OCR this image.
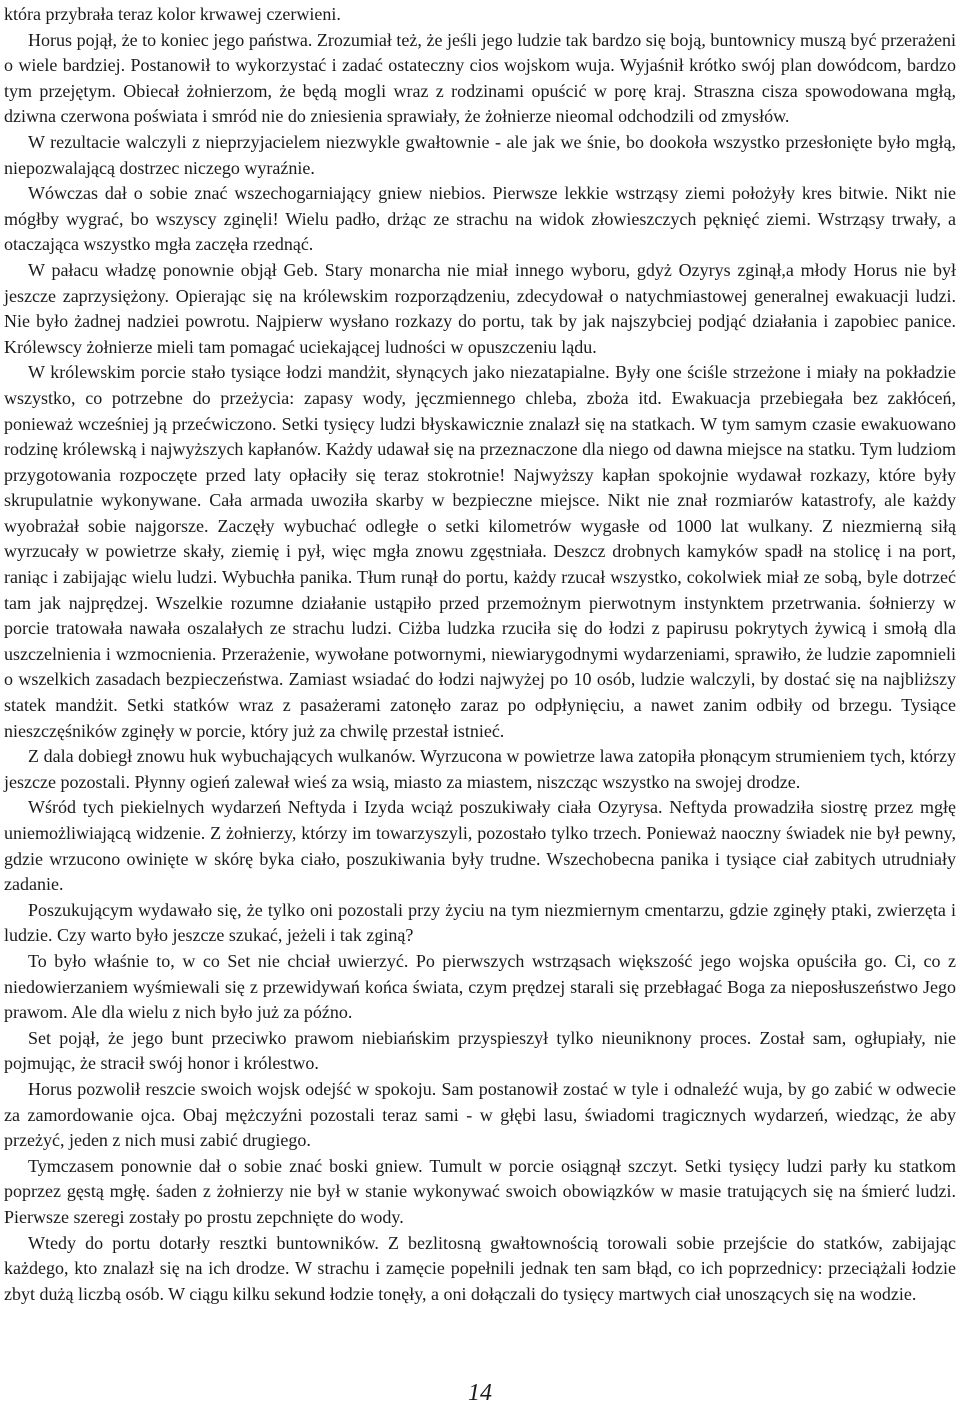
która przybrała teraz kolor krwawej czerwieni.

Horus pojął, że to koniec jego państwa. Zrozumiał też, że jeśli jego ludzie tak bardzo się boją, buntownicy muszą być przerażeni o wiele bardziej. Postanowił to wykorzystać i zadać ostateczny cios wojskom wuja. Wyjaśnił krótko swój plan dowódcom, bardzo tym przejętym. Obiecał żołnierzom, że będą mogli wraz z rodzinami opuścić w porę kraj. Straszna cisza spowodowana mgłą, dziwna czerwona poświata i smród nie do zniesienia sprawiały, że żołnierze nieomal odchodzili od zmysłów.

W rezultacie walczyli z nieprzyjacielem niezwykle gwałtownie - ale jak we śnie, bo dookoła wszystko przesłonięte było mgłą, niepozwalającą dostrzec niczego wyraźnie.

Wówczas dał o sobie znać wszechogarniający gniew niebios. Pierwsze lekkie wstrząsy ziemi położyły kres bitwie. Nikt nie mógłby wygrać, bo wszyscy zginęli! Wielu padło, drżąc ze strachu na widok złowieszczych pęknięć ziemi. Wstrząsy trwały, a otaczająca wszystko mgła zaczęła rzednąć.

W pałacu władzę ponownie objął Geb. Stary monarcha nie miał innego wyboru, gdyż Ozyrys zginął,a młody Horus nie był jeszcze zaprzysiężony. Opierając się na królewskim rozporządzeniu, zdecydował o natychmiastowej generalnej ewakuacji ludzi. Nie było żadnej nadziei powrotu. Najpierw wysłano rozkazy do portu, tak by jak najszybciej podjąć działania i zapobiec panice. Królewscy żołnierze mieli tam pomagać uciekającej ludności w opuszczeniu lądu.

W królewskim porcie stało tysiące łodzi mandżit, słynących jako niezatapialne. Były one ściśle strzeżone i miały na pokładzie wszystko, co potrzebne do przeżycia: zapasy wody, jęczmiennego chleba, zboża itd. Ewakuacja przebiegała bez zakłóceń, ponieważ wcześniej ją przećwiczono. Setki tysięcy ludzi błyskawicznie znalazł się na statkach. W tym samym czasie ewakuowano rodzinę królewską i najwyższych kapłanów. Każdy udawał się na przeznaczone dla niego od dawna miejsce na statku. Tym ludziom przygotowania rozpoczęte przed laty opłaciły się teraz stokrotnie! Najwyższy kapłan spokojnie wydawał rozkazy, które były skrupulatnie wykonywane. Cała armada uwoziła skarby w bezpieczne miejsce. Nikt nie znał rozmiarów katastrofy, ale każdy wyobrażał sobie najgorsze. Zaczęły wybuchać odległe o setki kilometrów wygasłe od 1000 lat wulkany. Z niezmierną siłą wyrzucały w powietrze skały, ziemię i pył, więc mgła znowu zgęstniała. Deszcz drobnych kamyków spadł na stolicę i na port, raniąc i zabijając wielu ludzi. Wybuchła panika. Tłum runął do portu, każdy rzucał wszystko, cokolwiek miał ze sobą, byle dotrzeć tam jak najprędzej. Wszelkie rozumne działanie ustąpiło przed przemożnym pierwotnym instynktem przetrwania. śołnierzy w porcie tratowała nawała oszalałych ze strachu ludzi. Ciżba ludzka rzuciła się do łodzi z papirusu pokrytych żywicą i smołą dla uszczelnienia i wzmocnienia. Przerażenie, wywołane potwornymi, niewiarygodnymi wydarzeniami, sprawiło, że ludzie zapomnieli o wszelkich zasadach bezpieczeństwa. Zamiast wsiadać do łodzi najwyżej po 10 osób, ludzie walczyli, by dostać się na najbliższy statek mandżit. Setki statków wraz z pasażerami zatonęło zaraz po odpłynięciu, a nawet zanim odbiły od brzegu. Tysiące nieszczęśników zginęły w porcie, który już za chwilę przestał istnieć.

Z dala dobiegł znowu huk wybuchających wulkanów. Wyrzucona w powietrze lawa zatopiła płonącym strumieniem tych, którzy jeszcze pozostali. Płynny ogień zalewał wieś za wsią, miasto za miastem, niszcząc wszystko na swojej drodze.

Wśród tych piekielnych wydarzeń Neftyda i Izyda wciąż poszukiwały ciała Ozyrysa. Neftyda prowadziła siostrę przez mgłę uniemożliwiającą widzenie. Z żołnierzy, którzy im towarzyszyli, pozostało tylko trzech. Ponieważ naoczny świadek nie był pewny, gdzie wrzucono owinięte w skórę byka ciało, poszukiwania były trudne. Wszechobecna panika i tysiące ciał zabitych utrudniały zadanie.

Poszukującym wydawało się, że tylko oni pozostali przy życiu na tym niezmiernym cmentarzu, gdzie zginęły ptaki, zwierzęta i ludzie. Czy warto było jeszcze szukać, jeżeli i tak zginą?

To było właśnie to, w co Set nie chciał uwierzyć. Po pierwszych wstrząsach większość jego wojska opuściła go. Ci, co z niedowierzaniem wyśmiewali się z przewidywań końca świata, czym prędzej starali się przebłagać Boga za nieposłuszeństwo Jego prawom. Ale dla wielu z nich było już za późno.

Set pojął, że jego bunt przeciwko prawom niebiańskim przyspieszył tylko nieuniknony proces. Został sam, ogłupiały, nie pojmując, że stracił swój honor i królestwo.

Horus pozwolił reszcie swoich wojsk odejść w spokoju. Sam postanowił zostać w tyle i odnaleźć wuja, by go zabić w odwecie za zamordowanie ojca. Obaj mężczyźni pozostali teraz sami - w głębi lasu, świadomi tragicznych wydarzeń, wiedząc, że aby przeżyć, jeden z nich musi zabić drugiego.

Tymczasem ponownie dał o sobie znać boski gniew. Tumult w porcie osiągnął szczyt. Setki tysięcy ludzi parły ku statkom poprzez gęstą mgłę. śaden z żołnierzy nie był w stanie wykonywać swoich obowiązków w masie tratujących się na śmierć ludzi. Pierwsze szeregi zostały po prostu zepchnięte do wody.

Wtedy do portu dotarły resztki buntowników. Z bezlitosną gwałtownością torowali sobie przejście do statków, zabijając każdego, kto znalazł się na ich drodze. W strachu i zamęcie popełnili jednak ten sam błąd, co ich poprzednicy: przeciążali łodzie zbyt dużą liczbą osób. W ciągu kilku sekund łodzie tonęły, a oni dołączali do tysięcy martwych ciał unoszących się na wodzie.

14
